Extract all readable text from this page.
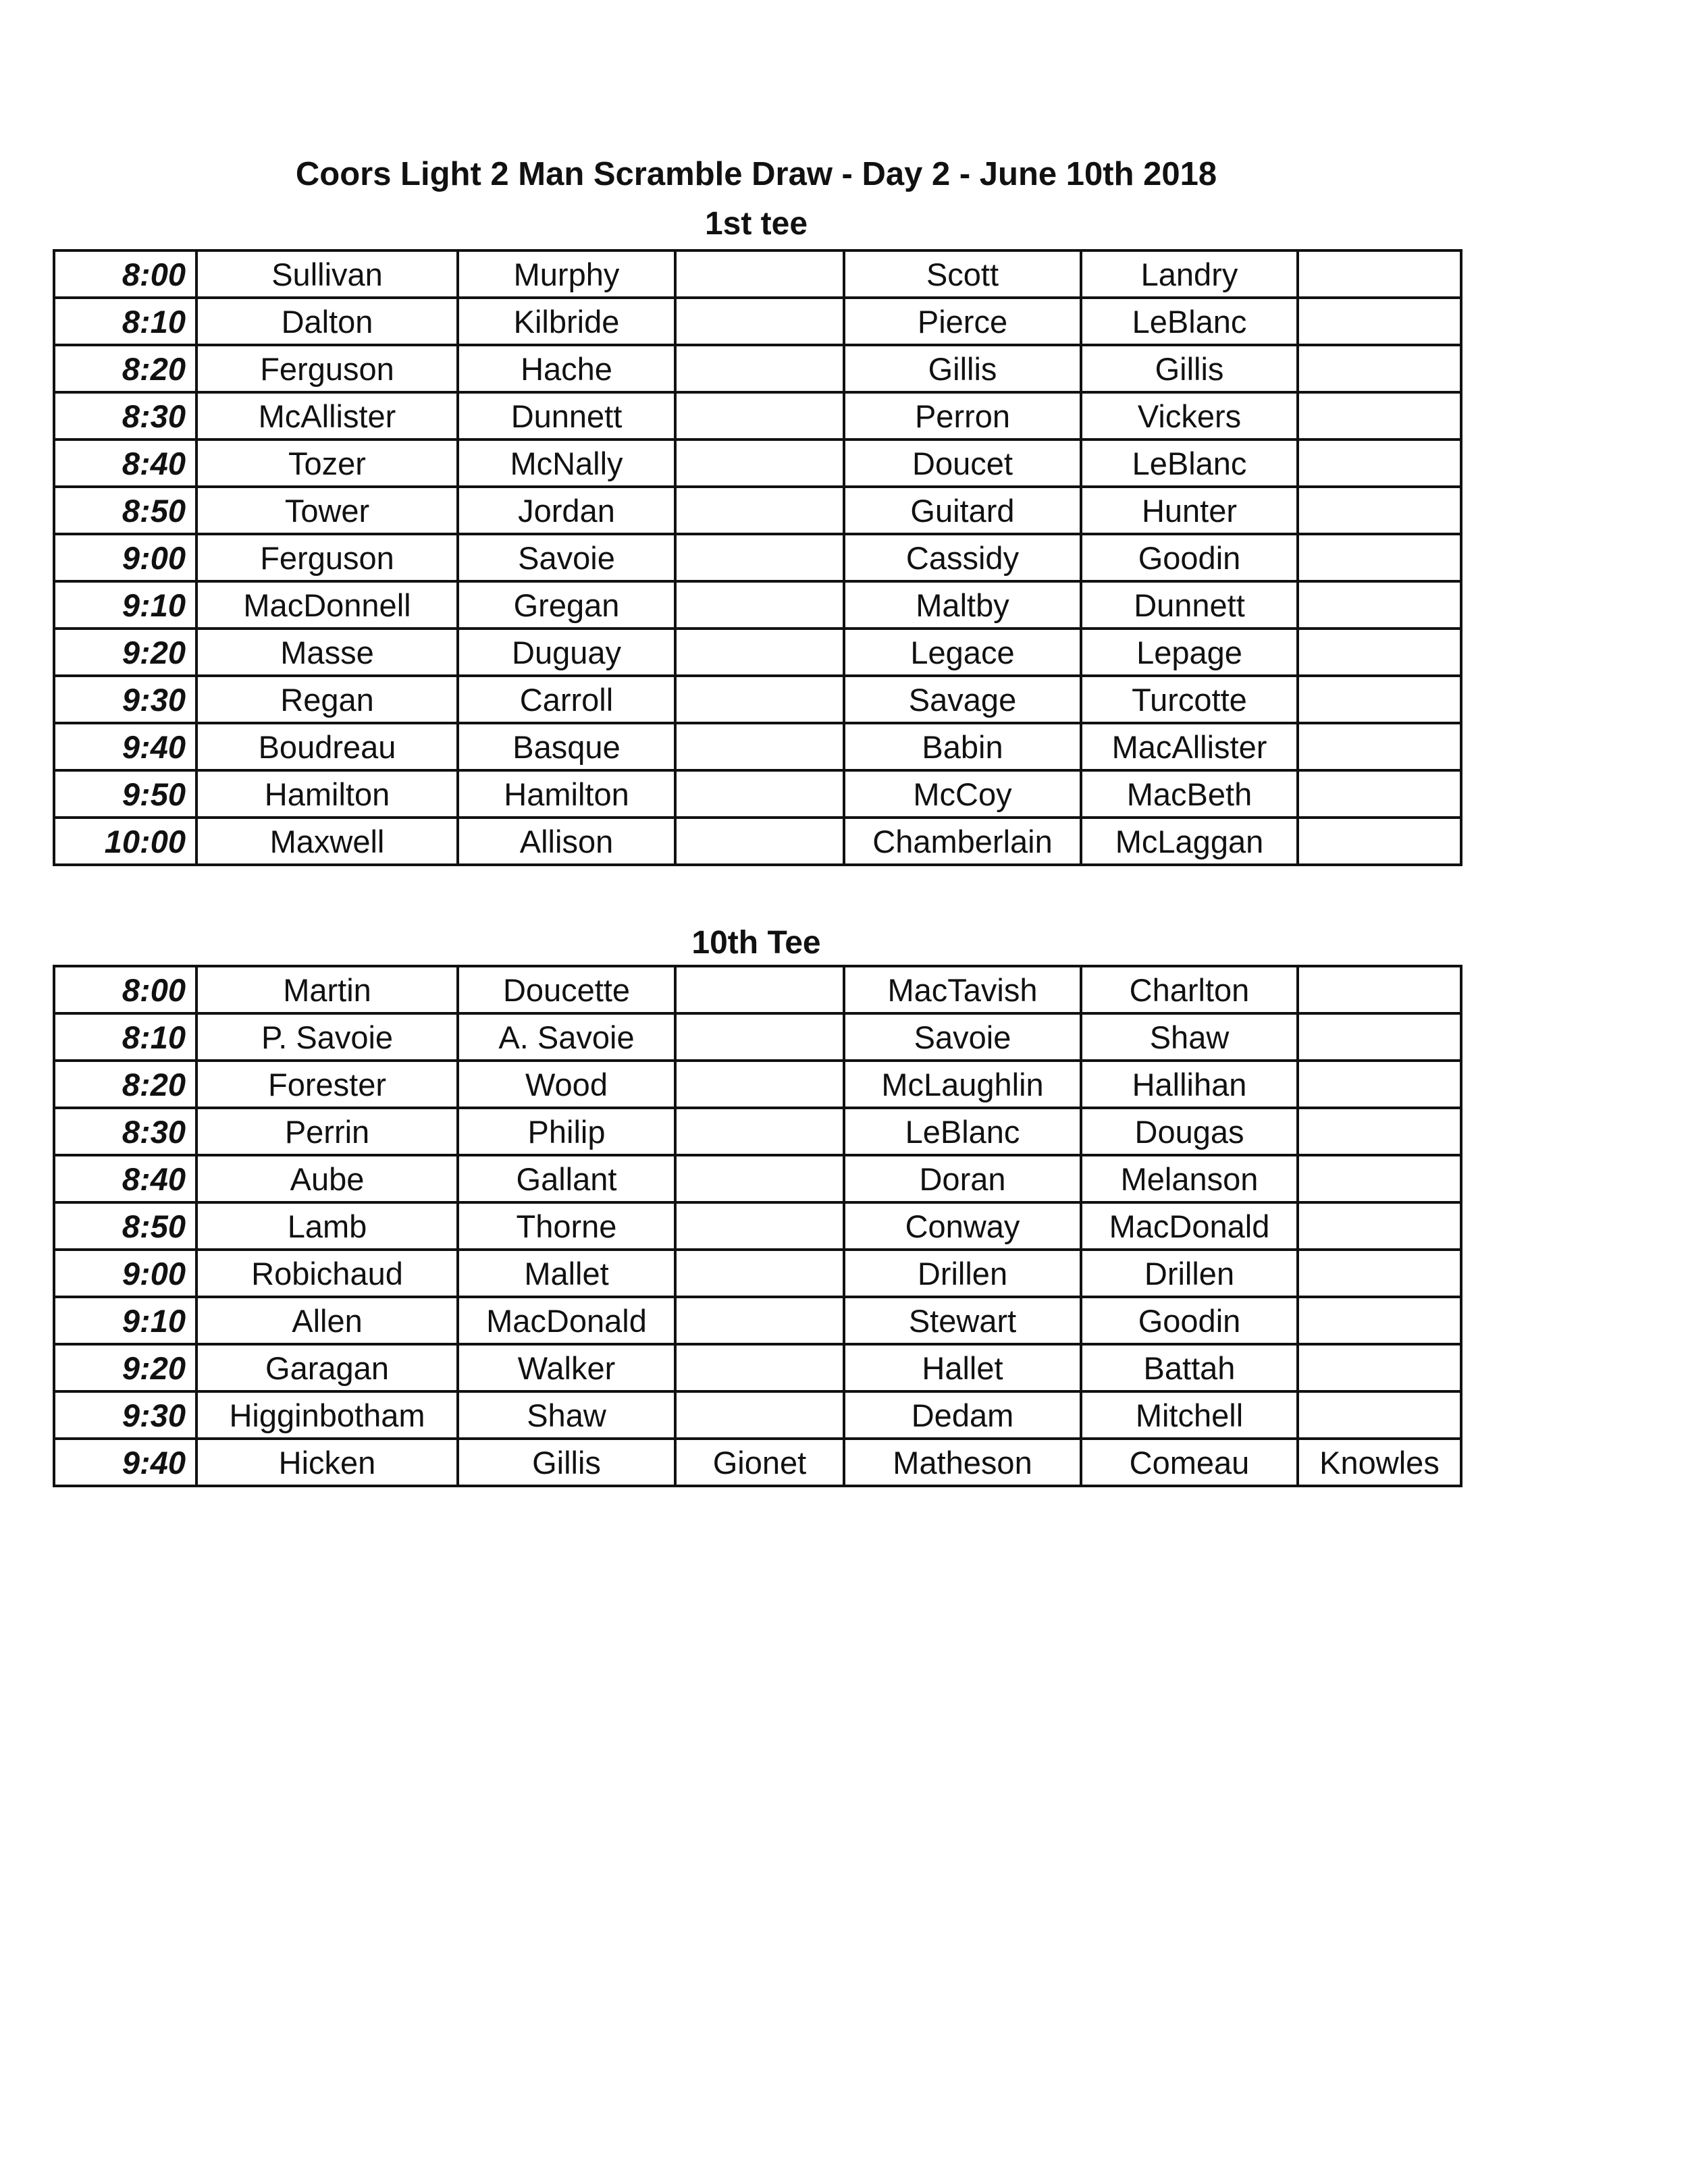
Coors Light 2 Man Scramble Draw - Day 2 - June 10th 2018
1st tee
8:00	Sullivan	Murphy		Scott	Landry	
8:10	Dalton	Kilbride		Pierce	LeBlanc	
8:20	Ferguson	Hache		Gillis	Gillis	
8:30	McAllister	Dunnett		Perron	Vickers	
8:40	Tozer	McNally		Doucet	LeBlanc	
8:50	Tower	Jordan		Guitard	Hunter	
9:00	Ferguson	Savoie		Cassidy	Goodin	
9:10	MacDonnell	Gregan		Maltby	Dunnett	
9:20	Masse	Duguay		Legace	Lepage	
9:30	Regan	Carroll		Savage	Turcotte	
9:40	Boudreau	Basque		Babin	MacAllister	
9:50	Hamilton	Hamilton		McCoy	MacBeth	
10:00	Maxwell	Allison		Chamberlain	McLaggan	
10th Tee
8:00	Martin	Doucette		MacTavish	Charlton	
8:10	P. Savoie	A. Savoie		Savoie	Shaw	
8:20	Forester	Wood		McLaughlin	Hallihan	
8:30	Perrin	Philip		LeBlanc	Dougas	
8:40	Aube	Gallant		Doran	Melanson	
8:50	Lamb	Thorne		Conway	MacDonald	
9:00	Robichaud	Mallet		Drillen	Drillen	
9:10	Allen	MacDonald		Stewart	Goodin	
9:20	Garagan	Walker		Hallet	Battah	
9:30	Higginbotham	Shaw		Dedam	Mitchell	
9:40	Hicken	Gillis	Gionet	Matheson	Comeau	Knowles
